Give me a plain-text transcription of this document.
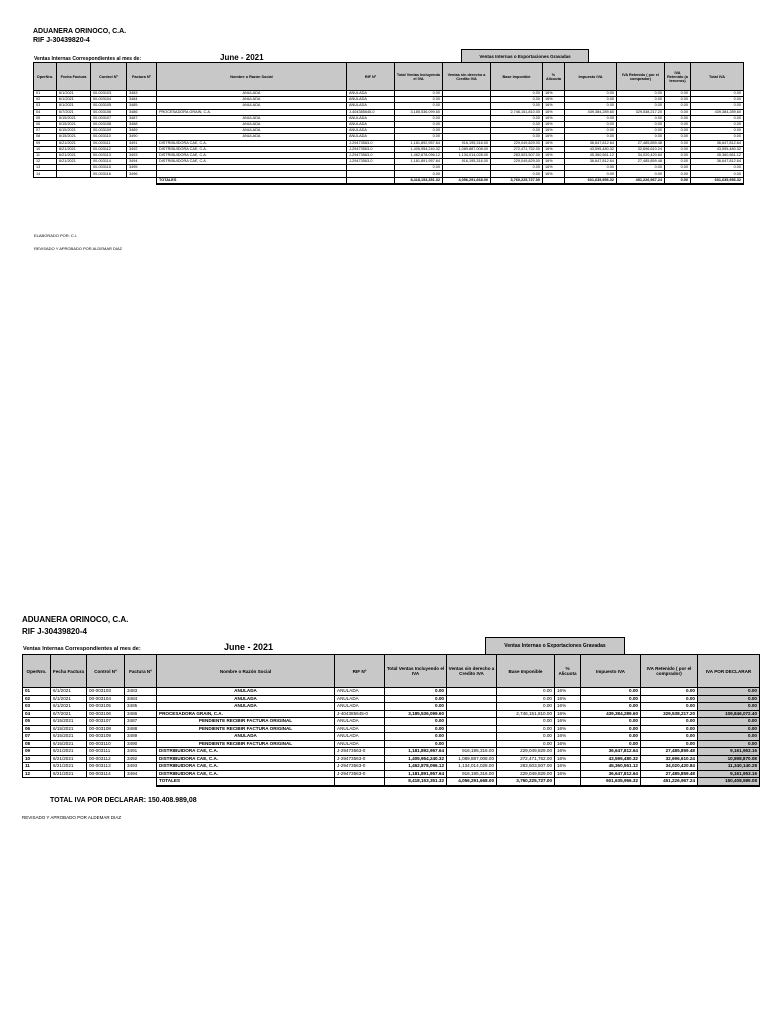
ADUANERA ORINOCO, C.A.
RIF J-30439820-4
Ventas Internas Correspondientes al mes de:	June - 2021	Ventas Internas o Exportaciones Gravadas
OperNro.	Fecha Factura	Control Nº	Factura Nº	Nombre o Razón Social	RIF Nº	Total Ventas Incluyendo el IVA	Ventas sin derecho a Credito IVA	Base Imponible	% Alicuota	Impuesto IVA	IVA Retenido ( por el comprador)	IVA Retenido (a terceros)	Total IVA
01	6/1/2021	00-003103	3483	ANULADA	ANULADA	0.00		0.00	16%	0.00	0.00	0.00	0.00
02	6/1/2021	00-003104	3484	ANULADA	ANULADA	0.00		0.00	16%	0.00	0.00	0.00	0.00
03	6/1/2021	00-003105	3485	ANULADA	ANULADA	0.00		0.00	16%	0.00	0.00	0.00	0.00
04	6/7/2021	00-003106	3486	PROCESADORA GRAIN, C.A.	J-404385645-0	3,185,536,099.60		2,746,151,810.00	16%	439,384,289.60	329,538,217.20	0.00	439,384,289.60
05	6/15/2021	00-003107	3487	ANULADA	ANULADA	0.00		0.00	16%	0.00	0.00	0.00	0.00
06	6/15/2021	00-003108	3488	ANULADA	ANULADA	0.00		0.00	16%	0.00	0.00	0.00	0.00
07	6/15/2021	00-003109	3489	ANULADA	ANULADA	0.00		0.00	16%	0.00	0.00	0.00	0.00
08	6/15/2021	00-003110	3490	ANULADA	ANULADA	0.00		0.00	16%	0.00	0.00	0.00	0.00
09	6/21/2021	00-003111	3491	DISTRIBUIDORA CAE, C.A.	J-29473563-0	1,181,892,957.64	916,195,316.00	229,049,829.00	16%	36,647,812.64	27,485,859.48	0.00	36,647,812.64
10	6/21/2021	00-003112	3492	DISTRIBUIDORA CAE, C.A.	J-29473563-0	1,405,954,240.32	1,089,887,008.00	272,471,752.00	16%	43,595,480.32	32,696,610.24	0.00	43,595,480.32
11	6/21/2021	00-003113	3493	DISTRIBUIDORA CAE, C.A.	J-29473563-0	1,462,878,096.12	1,134,014,028.00	283,503,507.00	16%	45,360,561.12	34,020,420.84	0.00	45,360,561.12
12	6/21/2021	00-003114	3494	DISTRIBUIDORA CAE, C.A.	J-29473563-0	1,181,891,957.64	916,195,316.00	229,049,829.00	16%	36,647,812.64	27,485,859.48	0.00	36,647,812.64
13		00-003115	3495			0.00		0.00	16%	0.00	0.00	0.00	0.00
14		00-003116	3496			0.00		0.00	16%	0.00	0.00	0.00	0.00
				TOTALES		8,418,153,351.32	4,056,291,668.00	3,760,225,727.00		601,635,956.32	451,226,967.24	0.00	601,635,956.32
ELABORADO POR: C.I.
REVISADO Y APROBADO POR ALDEMAR DIAZ
ADUANERA ORINOCO, C.A.
RIF J-30439820-4
Ventas Internas Correspondientes al mes de:	June - 2021	Ventas Internas o Exportaciones Gravadas
OperNro.	Fecha Factura	Control Nº	Factura Nº	Nombre o Razón Social	RIF Nº	Total Ventas Incluyendo el IVA	Ventas sin derecho a Credito IVA	Base Imponible	% Alicuota	Impuesto IVA	IVA Retenido ( por el comprador)	IVA POR DECLARAR
01	6/1/2021	00-003103	3483	ANULADA	ANULADA	0.00		0.00	16%	0.00	0.00	0.00
02	6/1/2021	00-003104	3484	ANULADA	ANULADA	0.00		0.00	16%	0.00	0.00	0.00
03	6/1/2021	00-003105	3485	ANULADA	ANULADA	0.00		0.00	16%	0.00	0.00	0.00
04	6/7/2021	00-003106	3486	PROCESADORA GRAIN, C.A.	J-404385645-0	3,185,536,099.60		2,746,151,810.00	16%	439,384,289.60	329,538,217.20	109,846,072.40
05	6/15/2021	00-003107	3487	PENDIENTE RECIBIR FACTURA ORIGINAL	ANULADA	0.00		0.00	16%	0.00	0.00	0.00
06	6/15/2021	00-003108	3488	PENDIENTE RECIBIR FACTURA ORIGINAL	ANULADA	0.00		0.00	16%	0.00	0.00	0.00
07	6/15/2021	00-003109	3489	ANULADA	ANULADA	0.00		0.00	16%	0.00	0.00	0.00
08	6/15/2021	00-003110	3490	PENDIENTE RECIBIR FACTURA ORIGINAL	ANULADA	0.00		0.00	16%	0.00	0.00	0.00
09	6/21/2021	00-003111	3491	DISTRIBUIDORA CAE, C.A.	J-29473563-0	1,181,892,957.64	916,195,316.00	229,049,829.00	16%	36,647,812.64	27,485,859.48	9,161,953.16
10	6/21/2021	00-003112	3492	DISTRIBUIDORA CAE, C.A.	J-29473563-0	1,405,954,240.32	1,089,887,008.00	272,471,752.00	16%	43,595,480.32	32,696,610.24	10,898,870.08
11	6/21/2021	00-003113	3493	DISTRIBUIDORA CAE, C.A.	J-29473563-0	1,462,878,096.12	1,134,014,028.00	283,503,507.00	16%	45,360,561.12	34,020,420.84	11,340,140.28
12	6/21/2021	00-003114	3494	DISTRIBUIDORA CAE, C.A.	J-29473563-0	1,181,891,957.64	916,195,316.00	229,049,829.00	16%	36,647,812.64	27,485,859.48	9,161,953.16
				TOTALES		8,418,153,351.32	4,056,291,668.00	3,760,225,727.00		601,635,956.32	451,226,967.24	150,408,989.08
TOTAL IVA POR DECLARAR: 150.408.989,08
REVISADO Y APROBADO POR ALDEMAR DIAZ
